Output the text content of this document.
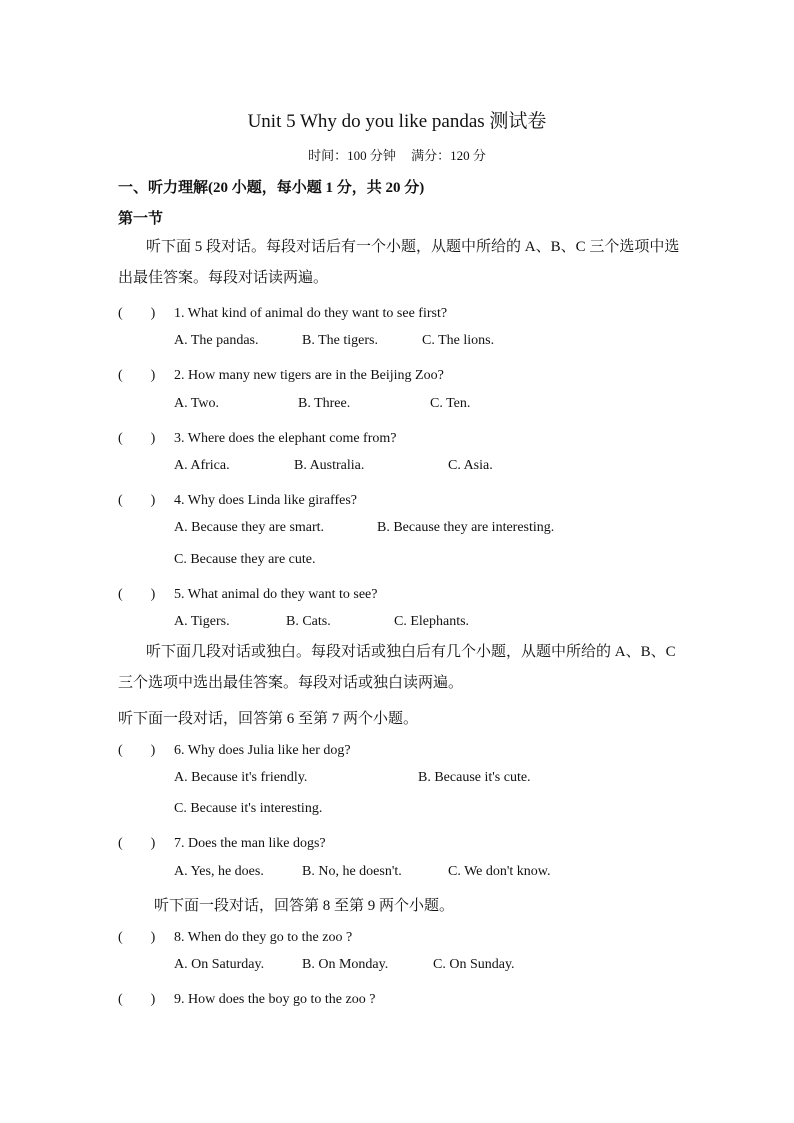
Unit 5 Why do you like pandas 测试卷
时间：100 分钟 满分：120 分
一、听力理解(20 小题，每小题 1 分，共 20 分)
第一节
听下面 5 段对话。每段对话后有一个小题，从题中所给的 A、B、C 三个选项中选出最佳答案。每段对话读两遍。
(　　) 1. What kind of animal do they want to see first?
A. The pandas.	B. The tigers.	C. The lions.
(　　) 2. How many new tigers are in the Beijing Zoo?
A. Two.	B. Three.	C. Ten.
(　　) 3. Where does the elephant come from?
A. Africa.	B. Australia.	C. Asia.
(　　) 4. Why does Linda like giraffes?
A. Because they are smart.	B. Because they are interesting.
C. Because they are cute.
(　　) 5. What animal do they want to see?
A. Tigers.	B. Cats.	C. Elephants.
听下面几段对话或独白。每段对话或独白后有几个小题，从题中所给的 A、B、C 三个选项中选出最佳答案。每段对话或独白读两遍。
听下面一段对话，回答第 6 至第 7 两个小题。
(　　) 6. Why does Julia like her dog?
A. Because it's friendly.	B. Because it's cute.
C. Because it's interesting.
(　　) 7. Does the man like dogs?
A. Yes, he does.	B. No, he doesn't.	C. We don't know.
听下面一段对话，回答第 8 至第 9 两个小题。
(　　) 8. When do they go to the zoo ?
A. On Saturday.	B. On Monday.	C. On Sunday.
(　　) 9. How does the boy go to the zoo ?
